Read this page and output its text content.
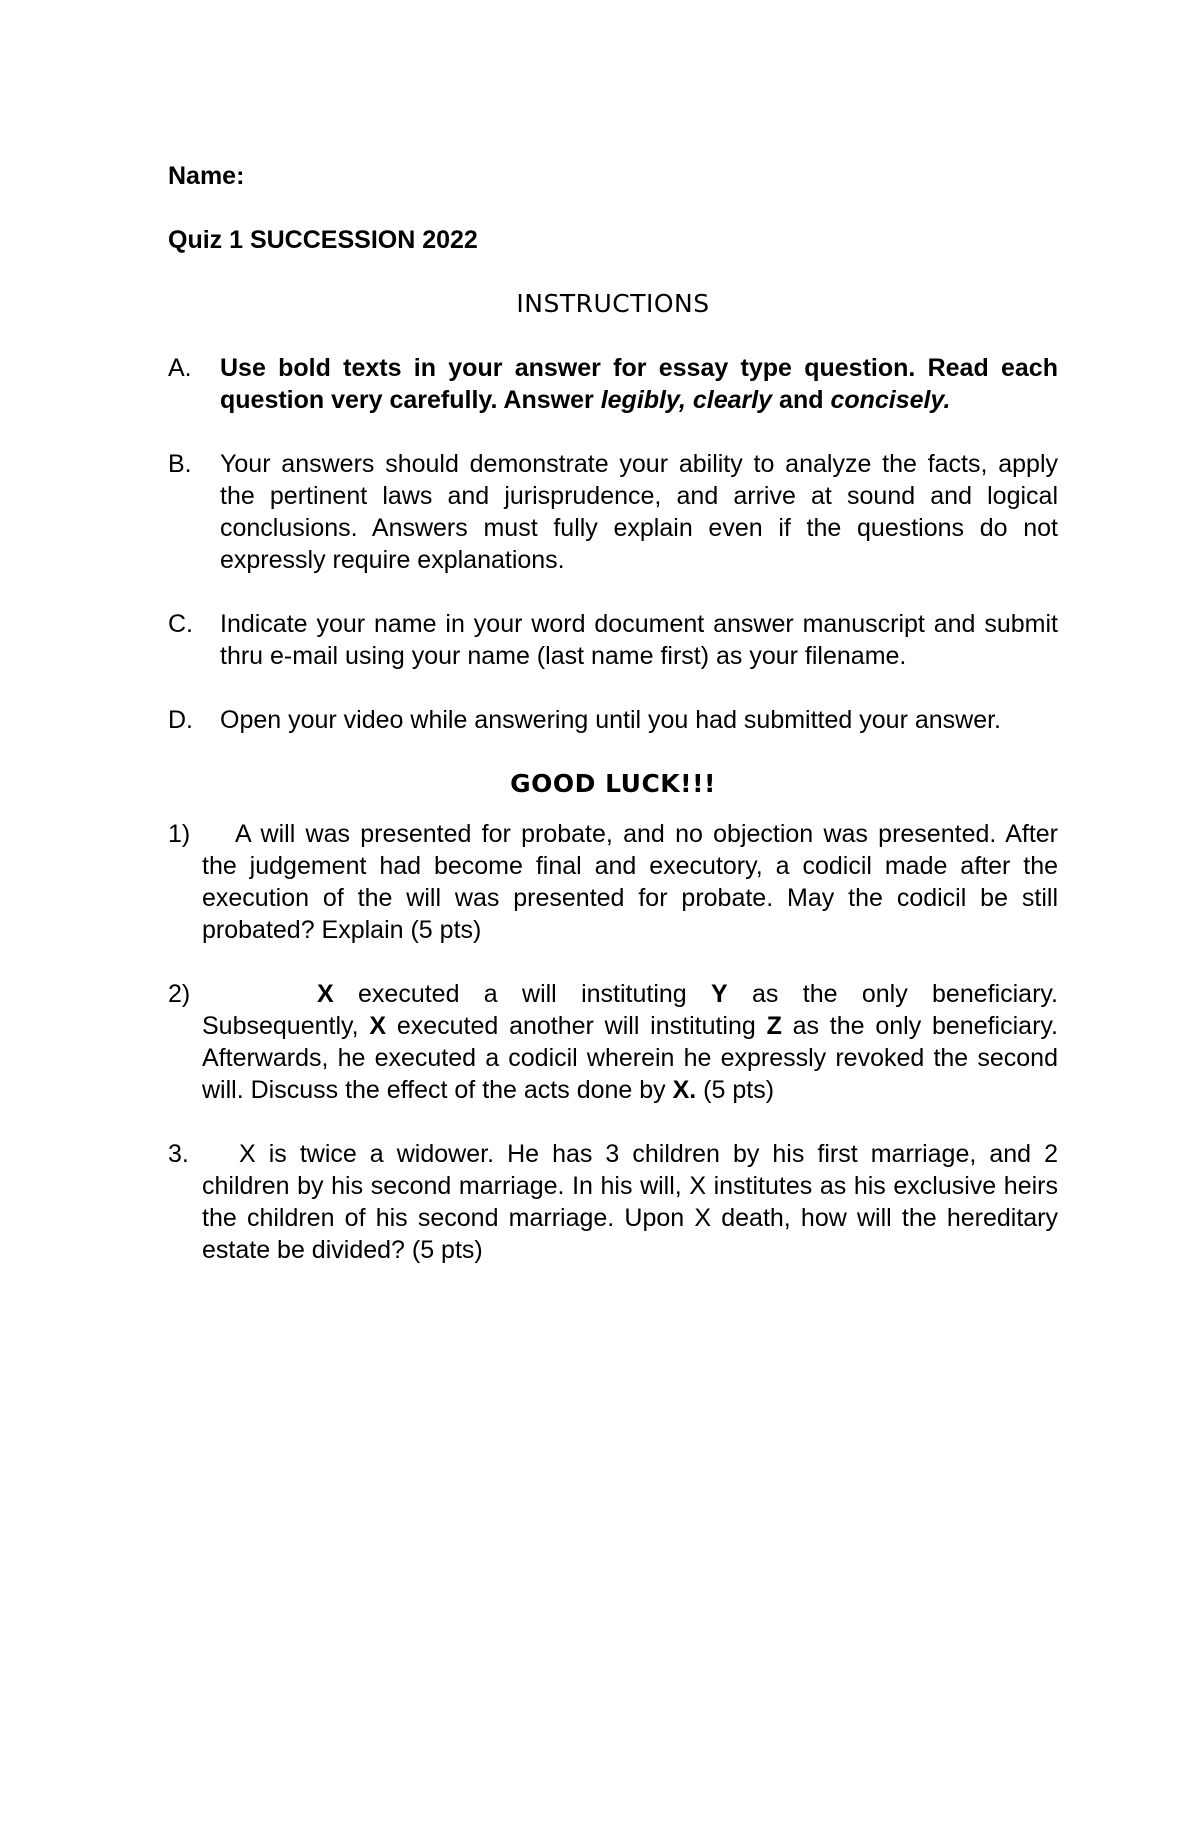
Name:

Quiz 1 SUCCESSION 2022

INSTRUCTIONS

A.	Use bold texts in your answer for essay type question. Read each question very carefully. Answer legibly, clearly and concisely.
B.	Your answers should demonstrate your ability to analyze the facts, apply the pertinent laws and jurisprudence, and arrive at sound and logical conclusions. Answers must fully explain even if the questions do not expressly require explanations.
C.	Indicate your name in your word document answer manuscript and submit thru e-mail using your name (last name first) as your filename.
D.	Open your video while answering until you had submitted your answer.

GOOD LUCK!!!

1)	A will was presented for probate, and no objection was presented. After the judgement had become final and executory, a codicil made after the execution of the will was presented for probate. May the codicil be still probated? Explain (5 pts)
2)	X executed a will instituting Y as the only beneficiary. Subsequently, X executed another will instituting Z as the only beneficiary. Afterwards, he executed a codicil wherein he expressly revoked the second will. Discuss the effect of the acts done by X. (5 pts)
3.	X is twice a widower. He has 3 children by his first marriage, and 2 children by his second marriage. In his will, X institutes as his exclusive heirs the children of his second marriage. Upon X death, how will the hereditary estate be divided? (5 pts)
